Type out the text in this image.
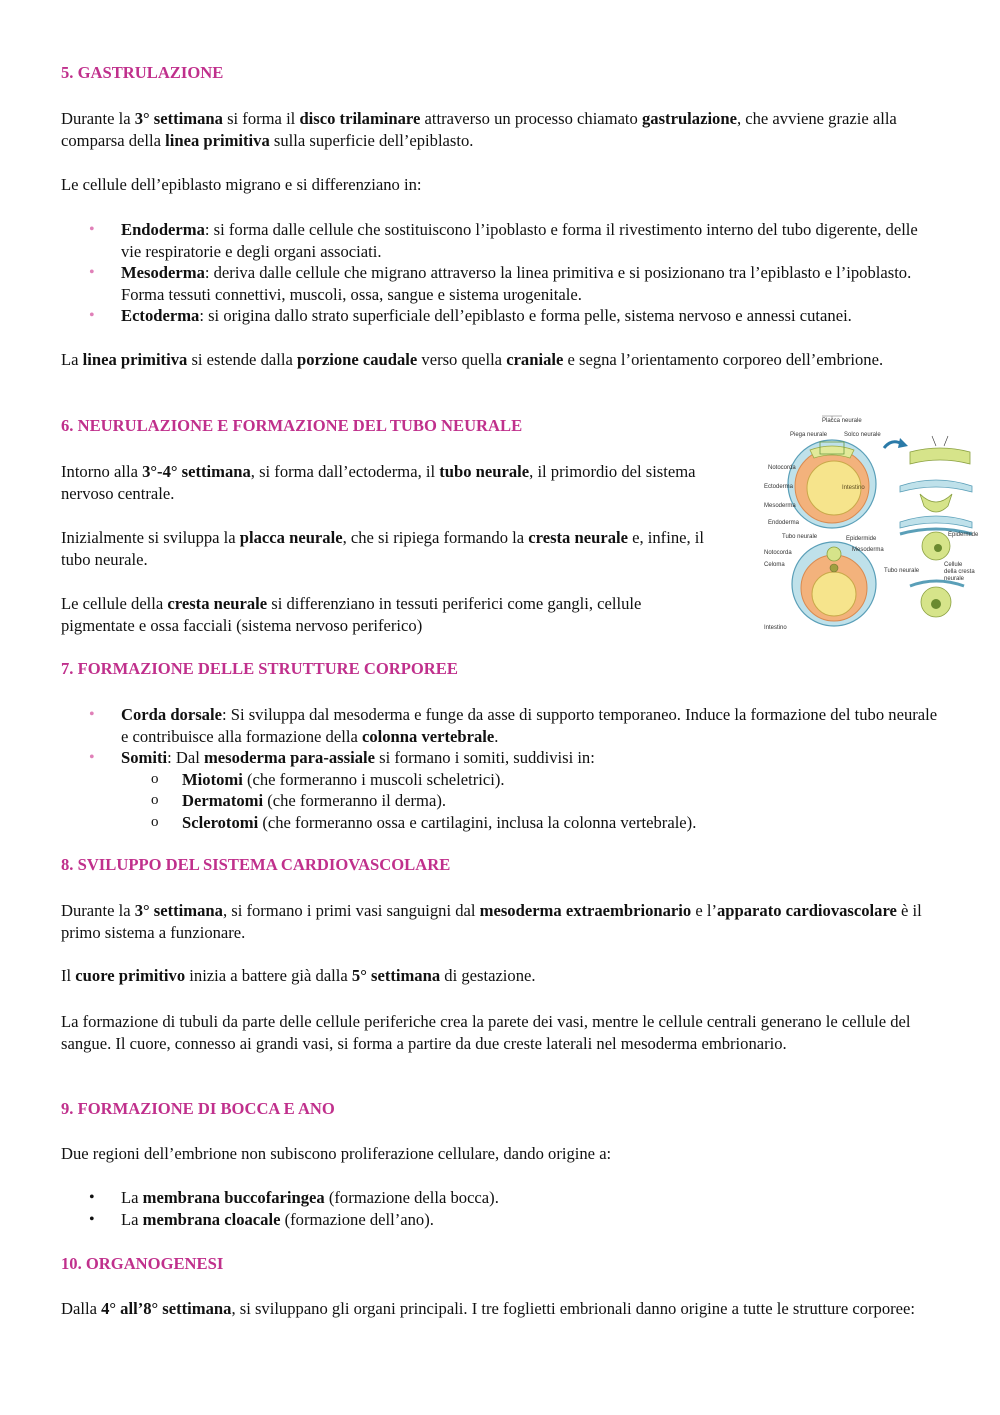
5. GASTRULAZIONE

Durante la 3° settimana si forma il disco trilaminare attraverso un processo chiamato gastrulazione, che avviene grazie alla comparsa della linea primitiva sulla superficie dell’epiblasto.

Le cellule dell’epiblasto migrano e si differenziano in:

• Endoderma: si forma dalle cellule che sostituiscono l’ipoblasto e forma il rivestimento interno del tubo digerente, delle vie respiratorie e degli organi associati.
• Mesoderma: deriva dalle cellule che migrano attraverso la linea primitiva e si posizionano tra l’epiblasto e l’ipoblasto. Forma tessuti connettivi, muscoli, ossa, sangue e sistema urogenitale.
• Ectoderma: si origina dallo strato superficiale dell’epiblasto e forma pelle, sistema nervoso e annessi cutanei.

La linea primitiva si estende dalla porzione caudale verso quella craniale e segna l’orientamento corporeo dell’embrione.

6. NEURULAZIONE E FORMAZIONE DEL TUBO NEURALE

Intorno alla 3°-4° settimana, si forma dall’ectoderma, il tubo neurale, il primordio del sistema nervoso centrale.

Inizialmente si sviluppa la placca neurale, che si ripiega formando la cresta neurale e, infine, il tubo neurale.

Le cellule della cresta neurale si differenziano in tessuti periferici come gangli, cellule pigmentate e ossa facciali (sistema nervoso periferico)

7. FORMAZIONE DELLE STRUTTURE CORPOREE
• Corda dorsale: Si sviluppa dal mesoderma e funge da asse di supporto temporaneo. Induce la formazione del tubo neurale e contribuisce alla formazione della colonna vertebrale.
• Somiti: Dal mesoderma para-assiale si formano i somiti, suddivisi in:
o Miotomi (che formeranno i muscoli scheletrici).
o Dermatomi (che formeranno il derma).
o Sclerotomi (che formeranno ossa e cartilagini, inclusa la colonna vertebrale).
8. SVILUPPO DEL SISTEMA CARDIOVASCOLARE

Durante la 3° settimana, si formano i primi vasi sanguigni dal mesoderma extraembrionario e l’apparato cardiovascolare è il primo sistema a funzionare.

Il cuore primitivo inizia a battere già dalla 5° settimana di gestazione.

La formazione di tubuli da parte delle cellule periferiche crea la parete dei vasi, mentre le cellule centrali generano le cellule del sangue. Il cuore, connesso ai grandi vasi, si forma a partire da due creste laterali nel mesoderma embrionario.

9. FORMAZIONE DI BOCCA E ANO

Due regioni dell’embrione non subiscono proliferazione cellulare, dando origine a:

• La membrana buccofaringea (formazione della bocca).
• La membrana cloacale (formazione dell’ano).
10. ORGANOGENESI

Dalla 4° all’8° settimana, si sviluppano gli organi principali. I tre foglietti embrionali danno origine a tutte le strutture corporee:

Intestino
Placca neurale
Piega neurale	Solco neurale
Notocorda
Ectoderma
Mesoderma
Endoderma
Epidermide
Tubo neurale
Cellule
della cresta
neurale
Tubo neurale	Epidermide
Mesoderma
Notocorda
Celoma
Intestino
